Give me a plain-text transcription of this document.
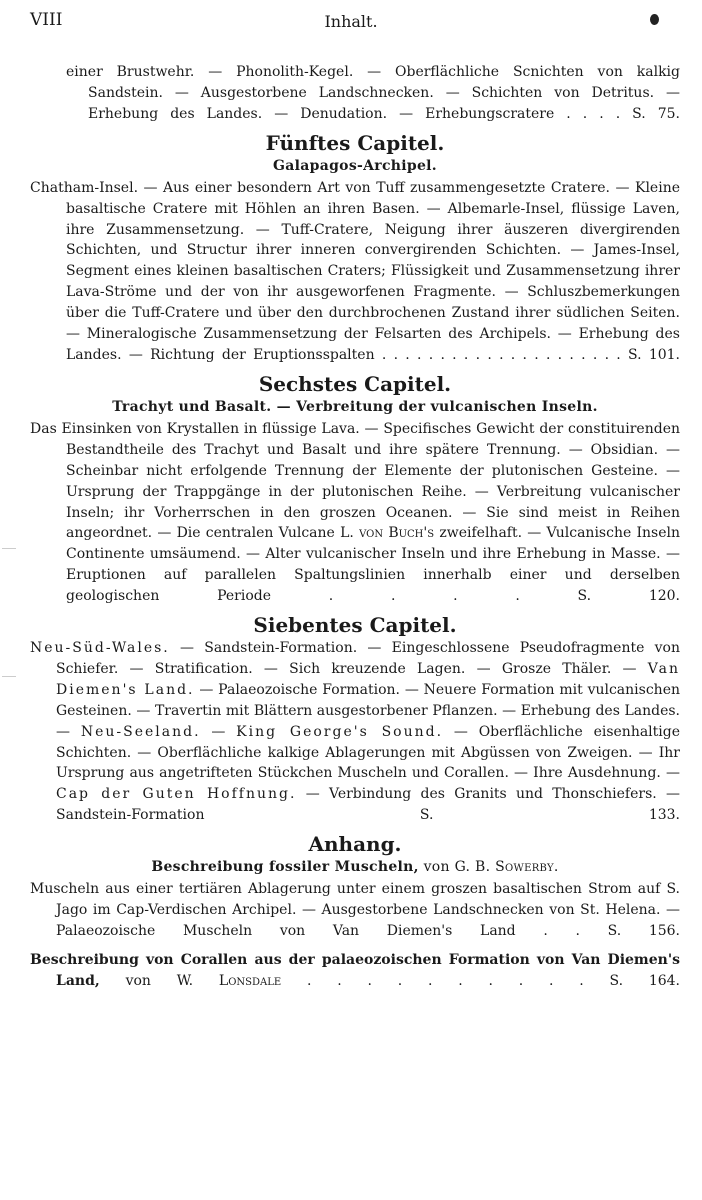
VIII	Inhalt.

einer Brustwehr. — Phonolith-Kegel. — Oberflächliche Scnichten von kalkig Sandstein. — Ausgestorbene Landschnecken. — Schichten von Detritus. — Erhebung des Landes. — Denudation. — Erhebungscratere . . . . S. 75.

Fünftes Capitel.
Galapagos-Archipel.

Chatham-Insel. — Aus einer besondern Art von Tuff zusammengesetzte Cratere. — Kleine basaltische Cratere mit Höhlen an ihren Basen. — Albemarle-Insel, flüssige Laven, ihre Zusammensetzung. — Tuff-Cratere, Neigung ihrer äuszeren divergirenden Schichten, und Structur ihrer inneren convergirenden Schichten. — James-Insel, Segment eines kleinen basaltischen Craters; Flüssigkeit und Zusammensetzung ihrer Lava-Ströme und der von ihr ausgeworfenen Fragmente. — Schluszbemerkungen über die Tuff-Cratere und über den durchbrochenen Zustand ihrer südlichen Seiten. — Mineralogische Zusammensetzung der Felsarten des Archipels. — Erhebung des Landes. — Richtung der Eruptionsspalten . . . . . . . . . . . . . . . . . . . . . S. 101.

Sechstes Capitel.
Trachyt und Basalt. — Verbreitung der vulcanischen Inseln.

Das Einsinken von Krystallen in flüssige Lava. — Specifisches Gewicht der constituirenden Bestandtheile des Trachyt und Basalt und ihre spätere Trennung. — Obsidian. — Scheinbar nicht erfolgende Trennung der Elemente der plutonischen Gesteine. — Ursprung der Trappgänge in der plutonischen Reihe. — Verbreitung vulcanischer Inseln; ihr Vorherrschen in den groszen Oceanen. — Sie sind meist in Reihen angeordnet. — Die centralen Vulcane L. von Buch's zweifelhaft. — Vulcanische Inseln Continente umsäumend. — Alter vulcanischer Inseln und ihre Erhebung in Masse. — Eruptionen auf parallelen Spaltungslinien innerhalb einer und derselben geologischen Periode . . . . S. 120.

Siebentes Capitel.

Neu-Süd-Wales. — Sandstein-Formation. — Eingeschlossene Pseudofragmente von Schiefer. — Stratification. — Sich kreuzende Lagen. — Grosze Thäler. — Van Diemen's Land. — Palaeozoische Formation. — Neuere Formation mit vulcanischen Gesteinen. — Travertin mit Blättern ausgestorbener Pflanzen. — Erhebung des Landes. — Neu-Seeland. — King George's Sound. — Oberflächliche eisenhaltige Schichten. — Oberflächliche kalkige Ablagerungen mit Abgüssen von Zweigen. — Ihr Ursprung aus angetrifteten Stückchen Muscheln und Corallen. — Ihre Ausdehnung. — Cap der Guten Hoffnung. — Verbindung des Granits und Thonschiefers. — Sandstein-Formation S. 133.

Anhang.
Beschreibung fossiler Muscheln, von G. B. Sowerby.

Muscheln aus einer tertiären Ablagerung unter einem groszen basaltischen Strom auf S. Jago im Cap-Verdischen Archipel. — Ausgestorbene Landschnecken von St. Helena. — Palaeozoische Muscheln von Van Diemen's Land . . S. 156.

Beschreibung von Corallen aus der palaeozoischen Formation von Van Diemen's Land, von W. Lonsdale . . . . . . . . . . S. 164.
